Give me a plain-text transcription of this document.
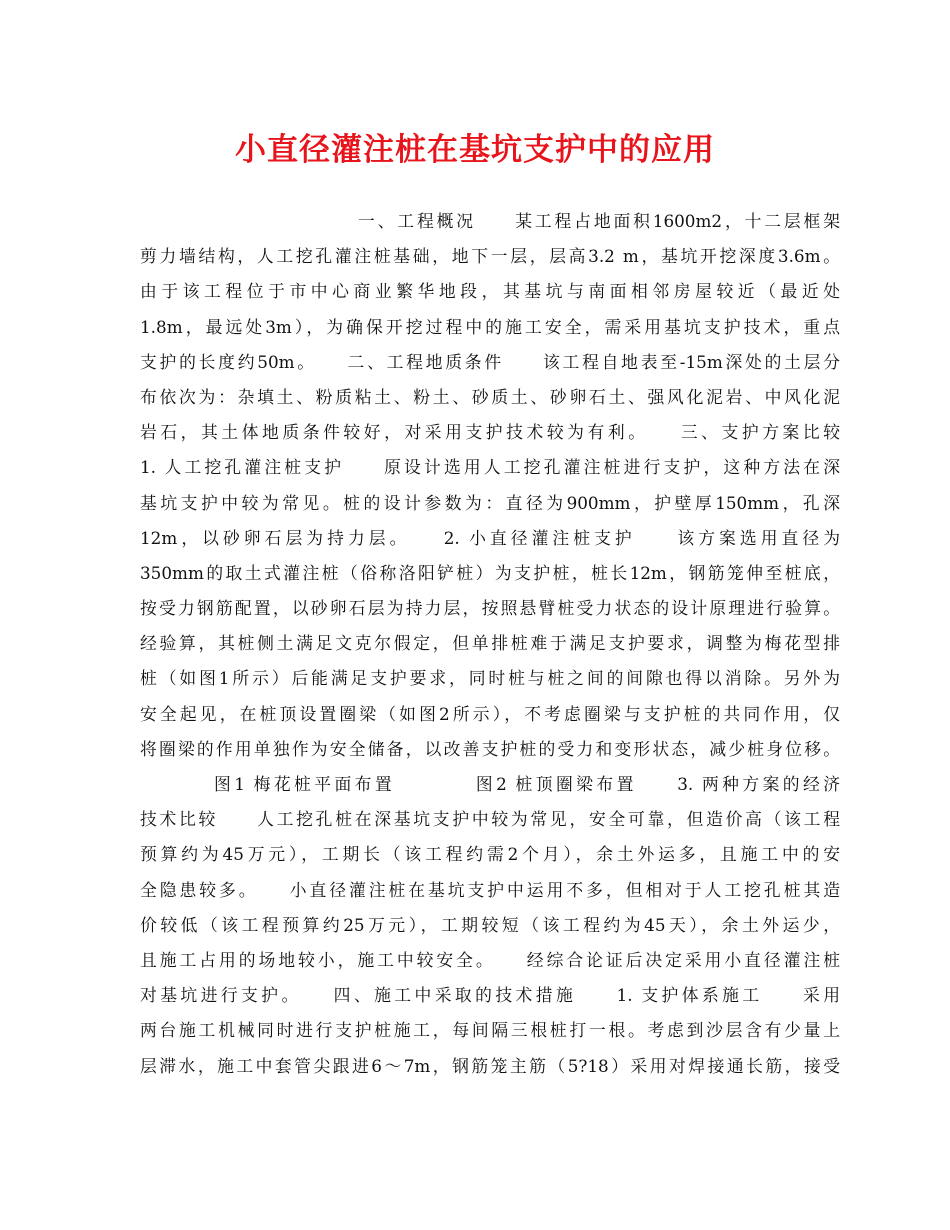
小直径灌注桩在基坑支护中的应用
一、工程概况　　某工程占地面积1600m2，十二层框架
剪力墙结构，人工挖孔灌注桩基础，地下一层，层高3.2 m，基坑开挖深度3.6m。
由于该工程位于市中心商业繁华地段，其基坑与南面相邻房屋较近（最近处
1.8m，最远处3m），为确保开挖过程中的施工安全，需采用基坑支护技术，重点
支护的长度约50m。　　二、工程地质条件　　该工程自地表至-15m深处的土层分
布依次为：杂填土、粉质粘土、粉土、砂质土、砂卵石土、强风化泥岩、中风化泥
岩石，其土体地质条件较好，对采用支护技术较为有利。　　三、支护方案比较
1. 人工挖孔灌注桩支护　　原设计选用人工挖孔灌注桩进行支护，这种方法在深
基坑支护中较为常见。桩的设计参数为：直径为900mm，护壁厚150mm，孔深
12m，以砂卵石层为持力层。　　2. 小直径灌注桩支护　　该方案选用直径为
350mm的取土式灌注桩（俗称洛阳铲桩）为支护桩，桩长12m，钢筋笼伸至桩底，
按受力钢筋配置，以砂卵石层为持力层，按照悬臂桩受力状态的设计原理进行验算。
经验算，其桩侧土满足文克尔假定，但单排桩难于满足支护要求，调整为梅花型排
桩（如图1所示）后能满足支护要求，同时桩与桩之间的间隙也得以消除。另外为
安全起见，在桩顶设置圈梁（如图2所示），不考虑圈梁与支护桩的共同作用，仅
将圈梁的作用单独作为安全储备，以改善支护桩的受力和变形状态，减少桩身位移。
图1 梅花桩平面布置　　　　图2 桩顶圈梁布置　　3. 两种方案的经济
技术比较　　人工挖孔桩在深基坑支护中较为常见，安全可靠，但造价高（该工程
预算约为45万元），工期长（该工程约需2个月），余土外运多，且施工中的安
全隐患较多。　　小直径灌注桩在基坑支护中运用不多，但相对于人工挖孔桩其造
价较低（该工程预算约25万元），工期较短（该工程约为45天），余土外运少，
且施工占用的场地较小，施工中较安全。　　经综合论证后决定采用小直径灌注桩
对基坑进行支护。　　四、施工中采取的技术措施　　1. 支护体系施工　　采用
两台施工机械同时进行支护桩施工，每间隔三根桩打一根。考虑到沙层含有少量上
层滞水，施工中套管尖跟进6～7m，钢筋笼主筋（5?18）采用对焊接通长筋，接受
